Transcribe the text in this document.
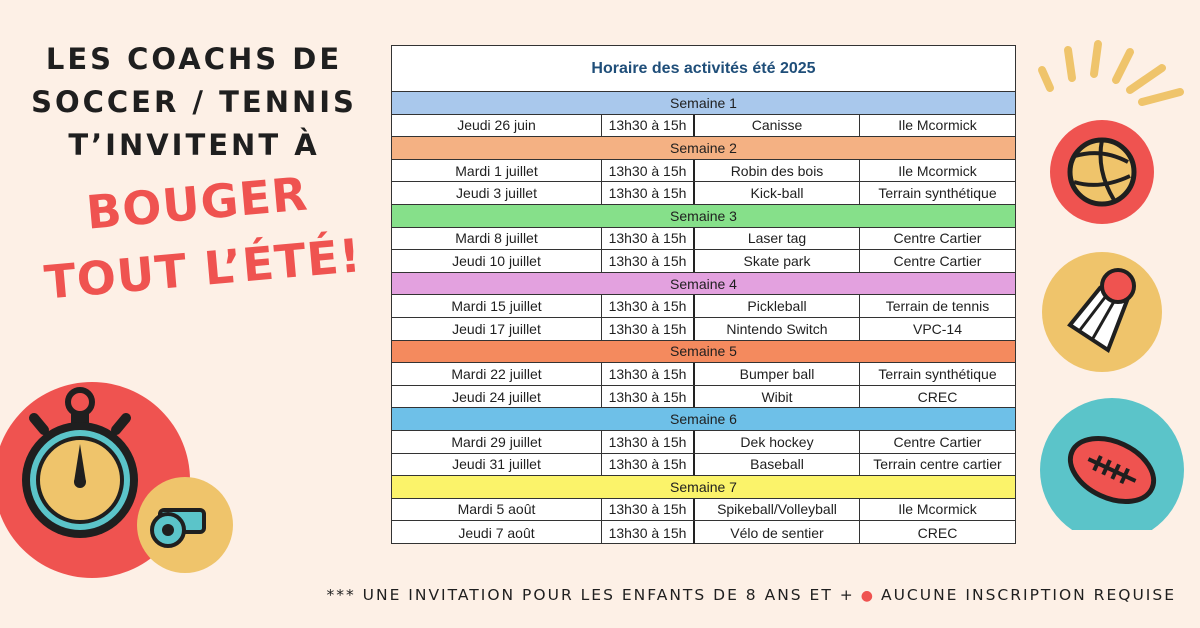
LES COACHS DE
SOCCER / TENNIS
T’INVITENT À
BOUGER
TOUT L’ÉTÉ!
Horaire des activités été 2025
Semaine 1
Jeudi 26 juin	13h30 à 15h	Canisse	Ile Mcormick
Semaine 2
Mardi 1 juillet	13h30 à 15h	Robin des bois	Ile Mcormick
Jeudi 3 juillet	13h30 à 15h	Kick-ball	Terrain synthétique
Semaine 3
Mardi 8 juillet	13h30 à 15h	Laser tag	Centre Cartier
Jeudi 10 juillet	13h30 à 15h	Skate park	Centre Cartier
Semaine 4
Mardi 15 juillet	13h30 à 15h	Pickleball	Terrain de tennis
Jeudi 17 juillet	13h30 à 15h	Nintendo Switch	VPC-14
Semaine 5
Mardi 22 juillet	13h30 à 15h	Bumper ball	Terrain synthétique
Jeudi 24 juillet	13h30 à 15h	Wibit	CREC
Semaine 6
Mardi 29 juillet	13h30 à 15h	Dek hockey	Centre Cartier
Jeudi 31 juillet	13h30 à 15h	Baseball	Terrain centre cartier
Semaine 7
Mardi 5 août	13h30 à 15h	Spikeball/Volleyball	Ile Mcormick
Jeudi 7 août	13h30 à 15h	Vélo de sentier	CREC
*** UNE INVITATION POUR LES ENFANTS DE 8 ANS ET + ● AUCUNE INSCRIPTION REQUISE
